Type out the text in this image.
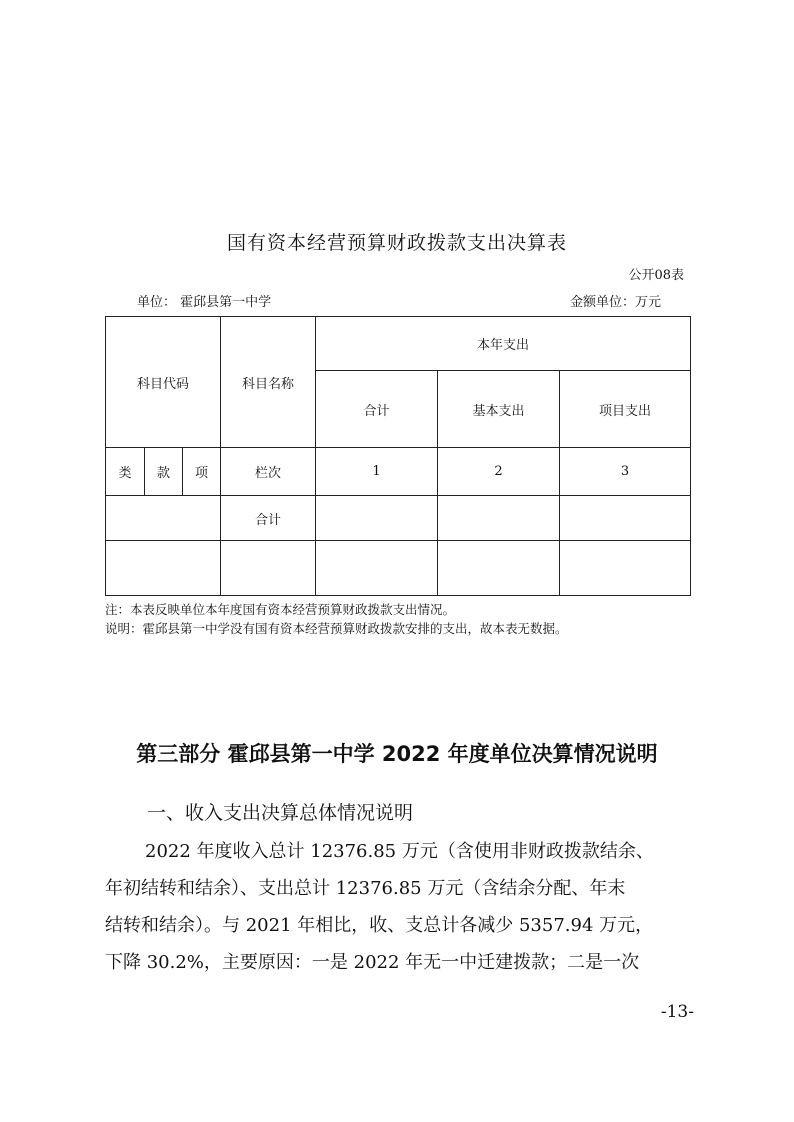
国有资本经营预算财政拨款支出决算表
公开08表
单位： 霍邱县第一中学	金额单位：万元
科目代码			科目名称	本年支出		
				合计	基本支出	项目支出
类	款	项	栏次	1	2	3
			合计			

注：本表反映单位本年度国有资本经营预算财政拨款支出情况。
说明：霍邱县第一中学没有国有资本经营预算财政拨款安排的支出，故本表无数据。
第三部分 霍邱县第一中学 2022 年度单位决算情况说明
一、收入支出决算总体情况说明

2022 年度收入总计 12376.85 万元（含使用非财政拨款结余、
年初结转和结余）、支出总计 12376.85 万元（含结余分配、年末
结转和结余）。与 2021 年相比，收、支总计各减少 5357.94 万元，
下降 30.2%，主要原因：一是 2022 年无一中迁建拨款；二是一次

-13-
